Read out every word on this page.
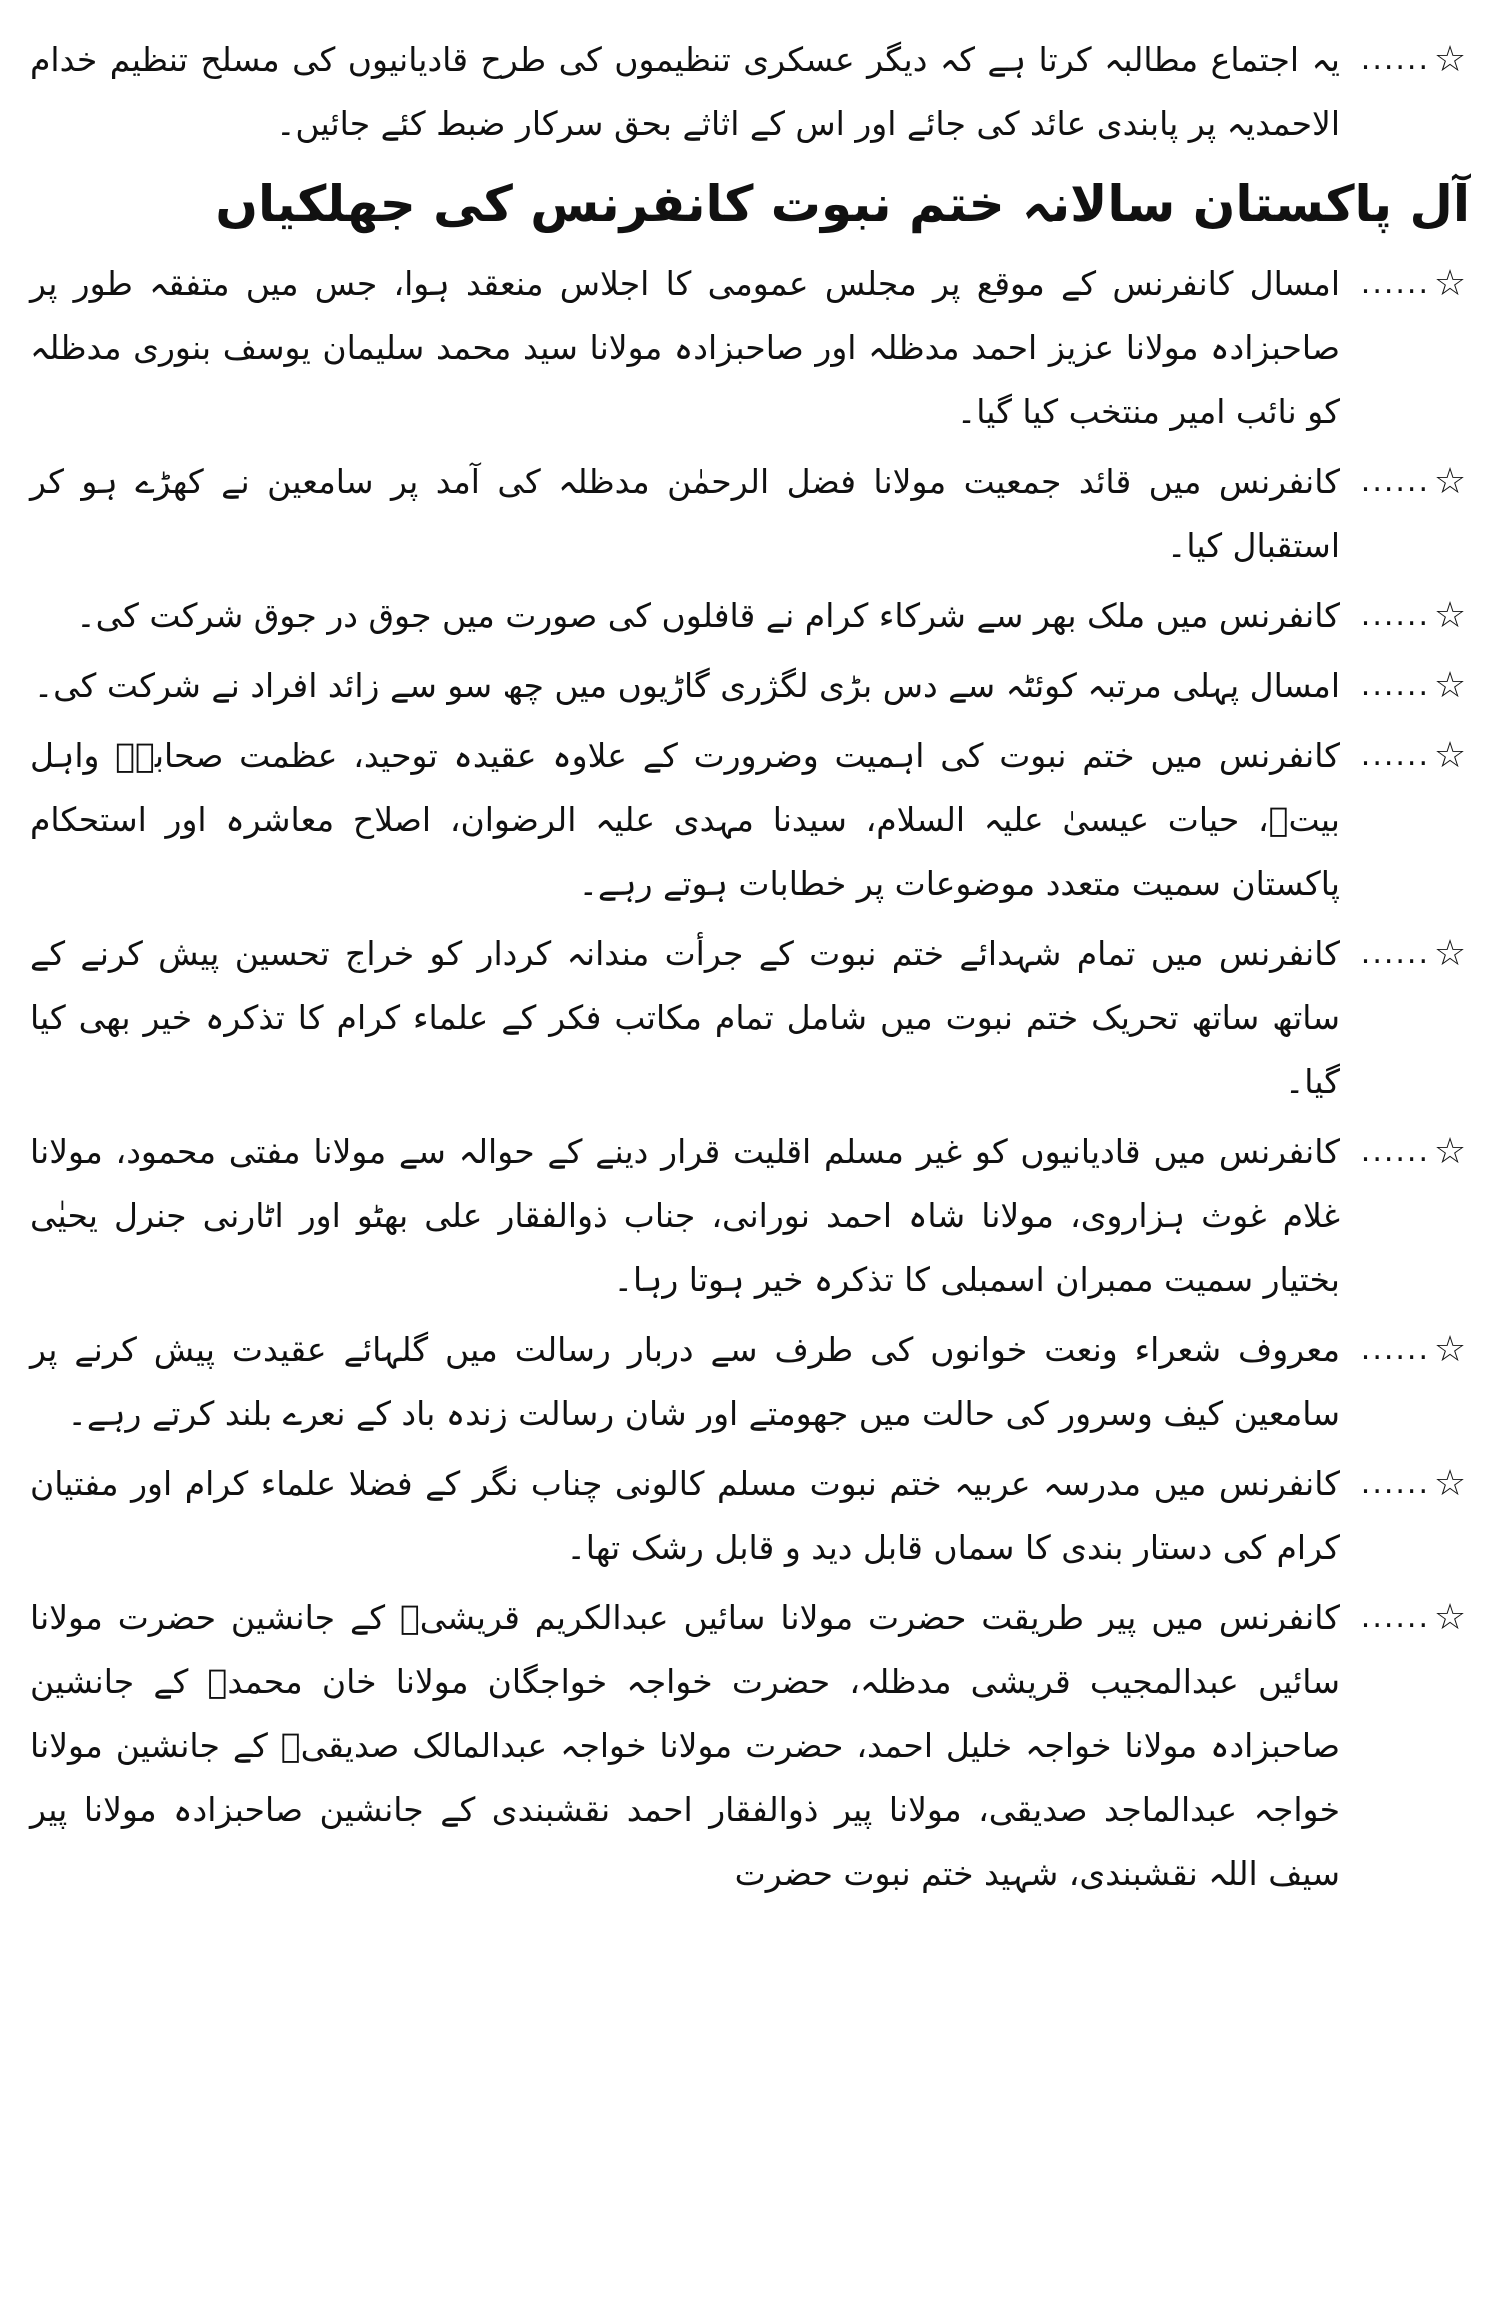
☆
......
یہ اجتماع مطالبہ کرتا ہے کہ دیگر عسکری تنظیموں کی طرح قادیانیوں کی مسلح تنظیم خدام الاحمدیہ پر پابندی عائد کی جائے اور اس کے اثاثے بحق سرکار ضبط کئے جائیں۔
آل پاکستان سالانہ ختم نبوت کانفرنس کی جھلکیاں
☆
......
امسال کانفرنس کے موقع پر مجلس عمومی کا اجلاس منعقد ہوا، جس میں متفقہ طور پر صاحبزادہ مولانا عزیز احمد مدظلہ اور صاحبزادہ مولانا سید محمد سلیمان یوسف بنوری مدظلہ کو نائب امیر منتخب کیا گیا۔
☆
......
کانفرنس میں قائد جمعیت مولانا فضل الرحمٰن مدظلہ کی آمد پر سامعین نے کھڑے ہو کر استقبال کیا۔
☆
......
کانفرنس میں ملک بھر سے شرکاء کرام نے قافلوں کی صورت میں جوق در جوق شرکت کی۔
☆
......
امسال پہلی مرتبہ کوئٹہ سے دس بڑی لگژری گاڑیوں میں چھ سو سے زائد افراد نے شرکت کی۔
☆
......
کانفرنس میں ختم نبوت کی اہمیت وضرورت کے علاوہ عقیدہ توحید، عظمت صحابہؓ واہل بیتؓ، حیات عیسیٰ علیہ السلام، سیدنا مہدی علیہ الرضوان، اصلاح معاشرہ اور استحکام پاکستان سمیت متعدد موضوعات پر خطابات ہوتے رہے۔
☆
......
کانفرنس میں تمام شہدائے ختم نبوت کے جرأت مندانہ کردار کو خراج تحسین پیش کرنے کے ساتھ ساتھ تحریک ختم نبوت میں شامل تمام مکاتب فکر کے علماء کرام کا تذکرہ خیر بھی کیا گیا۔
☆
......
کانفرنس میں قادیانیوں کو غیر مسلم اقلیت قرار دینے کے حوالہ سے مولانا مفتی محمود، مولانا غلام غوث ہزاروی، مولانا شاہ احمد نورانی، جناب ذوالفقار علی بھٹو اور اٹارنی جنرل یحیٰی بختیار سمیت ممبران اسمبلی کا تذکرہ خیر ہوتا رہا۔
☆
......
معروف شعراء ونعت خوانوں کی طرف سے دربار رسالت میں گلہائے عقیدت پیش کرنے پر سامعین کیف وسرور کی حالت میں جھومتے اور شان رسالت زندہ باد کے نعرے بلند کرتے رہے۔
☆
......
کانفرنس میں مدرسہ عربیہ ختم نبوت مسلم کالونی چناب نگر کے فضلا علماء کرام اور مفتیان کرام کی دستار بندی کا سماں قابل دید و قابل رشک تھا۔
☆
......
کانفرنس میں پیر طریقت حضرت مولانا سائیں عبدالکریم قریشیؒ کے جانشین حضرت مولانا سائیں عبدالمجیب قریشی مدظلہ، حضرت خواجہ خواجگان مولانا خان محمدؒ کے جانشین صاحبزادہ مولانا خواجہ خلیل احمد، حضرت مولانا خواجہ عبدالمالک صدیقیؒ کے جانشین مولانا خواجہ عبدالماجد صدیقی، مولانا پیر ذوالفقار احمد نقشبندی کے جانشین صاحبزادہ مولانا پیر سیف اللہ نقشبندی، شہید ختم نبوت حضرت
